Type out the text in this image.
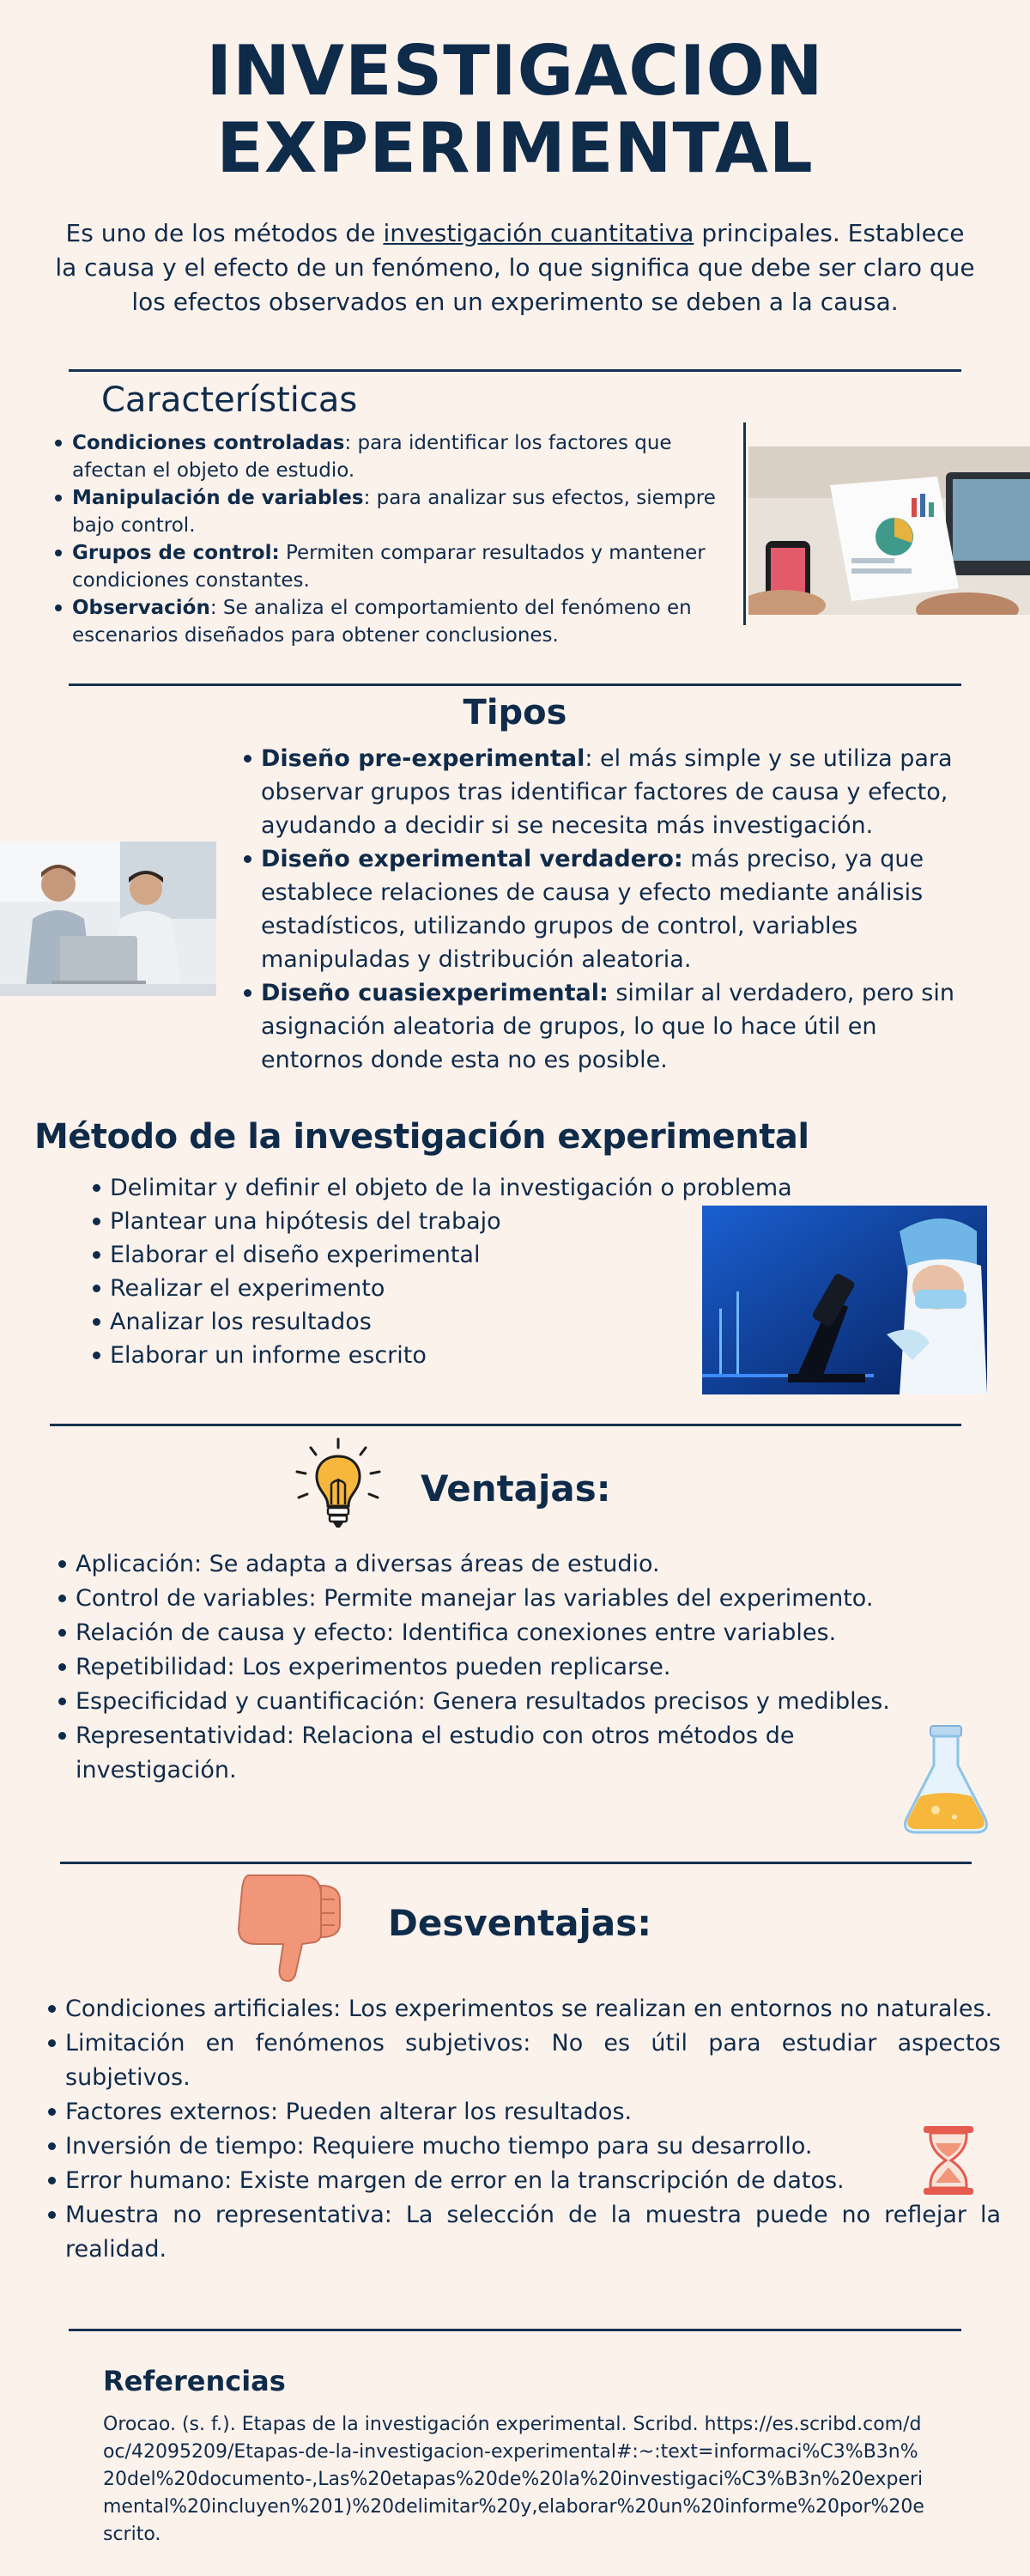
INVESTIGACION
EXPERIMENTAL
Es uno de los métodos de investigación cuantitativa principales. Establece la causa y el efecto de un fenómeno, lo que significa que debe ser claro que los efectos observados en un experimento se deben a la causa.
Características
Condiciones controladas: para identificar los factores que afectan el objeto de estudio.
Manipulación de variables: para analizar sus efectos, siempre bajo control.
Grupos de control: Permiten comparar resultados y mantener condiciones constantes.
Observación: Se analiza el comportamiento del fenómeno en escenarios diseñados para obtener conclusiones.
Tipos
Diseño pre-experimental: el más simple y se utiliza para observar grupos tras identificar factores de causa y efecto, ayudando a decidir si se necesita más investigación.
Diseño experimental verdadero: más preciso, ya que establece relaciones de causa y efecto mediante análisis estadísticos, utilizando grupos de control, variables manipuladas y distribución aleatoria.
Diseño cuasiexperimental: similar al verdadero, pero sin asignación aleatoria de grupos, lo que lo hace útil en entornos donde esta no es posible.
Método de la investigación experimental
Delimitar y definir el objeto de la investigación o problema
Plantear una hipótesis del trabajo
Elaborar el diseño experimental
Realizar el experimento
Analizar los resultados
Elaborar un informe escrito
Ventajas:
Aplicación: Se adapta a diversas áreas de estudio.
Control de variables: Permite manejar las variables del experimento.
Relación de causa y efecto: Identifica conexiones entre variables.
Repetibilidad: Los experimentos pueden replicarse.
Especificidad y cuantificación: Genera resultados precisos y medibles.
Representatividad: Relaciona el estudio con otros métodos de investigación.
Desventajas:
Condiciones artificiales: Los experimentos se realizan en entornos no naturales.
Limitación en fenómenos subjetivos: No es útil para estudiar aspectos subjetivos.
Factores externos: Pueden alterar los resultados.
Inversión de tiempo: Requiere mucho tiempo para su desarrollo.
Error humano: Existe margen de error en la transcripción de datos.
Muestra no representativa: La selección de la muestra puede no reflejar la realidad.
Referencias
Orocao. (s. f.). Etapas de la investigación experimental. Scribd. https://es.scribd.com/doc/42095209/Etapas-de-la-investigacion-experimental#:~:text=informaci%C3%B3n%20del%20documento-,Las%20etapas%20de%20la%20investigaci%C3%B3n%20experimental%20incluyen%201)%20delimitar%20y,elaborar%20un%20informe%20por%20escrito.
